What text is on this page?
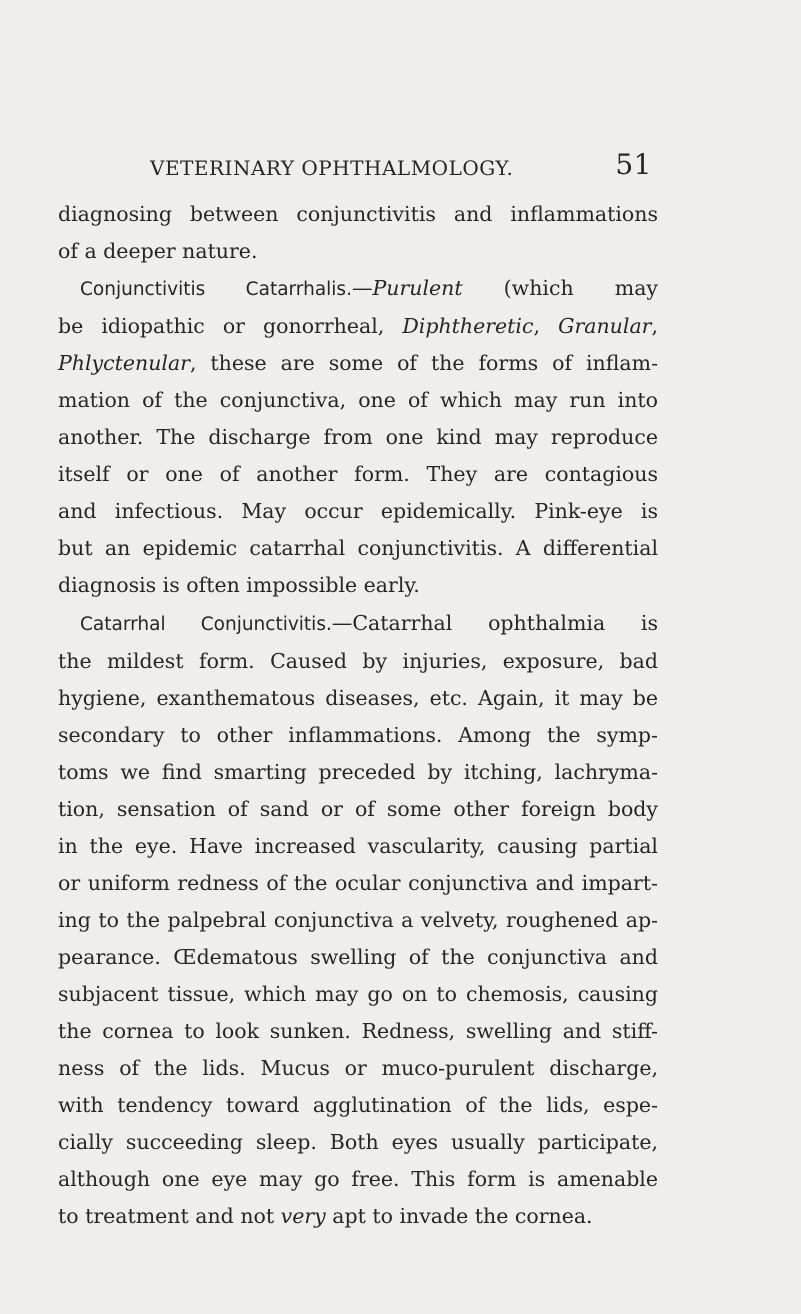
VETERINARY OPHTHALMOLOGY.	51
diagnosing between conjunctivitis and inflammations
of a deeper nature.
Conjunctivitis Catarrhalis.—Purulent (which may
be idiopathic or gonorrheal, Diphtheretic, Granular,
Phlyctenular, these are some of the forms of inflam-
mation of the conjunctiva, one of which may run into
another. The discharge from one kind may reproduce
itself or one of another form. They are contagious
and infectious. May occur epidemically. Pink-eye is
but an epidemic catarrhal conjunctivitis. A differential
diagnosis is often impossible early.
Catarrhal Conjunctivitis.—Catarrhal ophthalmia is
the mildest form. Caused by injuries, exposure, bad
hygiene, exanthematous diseases, etc. Again, it may be
secondary to other inflammations. Among the symp-
toms we find smarting preceded by itching, lachryma-
tion, sensation of sand or of some other foreign body
in the eye. Have increased vascularity, causing partial
or uniform redness of the ocular conjunctiva and impart-
ing to the palpebral conjunctiva a velvety, roughened ap-
pearance. Œdematous swelling of the conjunctiva and
subjacent tissue, which may go on to chemosis, causing
the cornea to look sunken. Redness, swelling and stiff-
ness of the lids. Mucus or muco-purulent discharge,
with tendency toward agglutination of the lids, espe-
cially succeeding sleep. Both eyes usually participate,
although one eye may go free. This form is amenable
to treatment and not very apt to invade the cornea.
